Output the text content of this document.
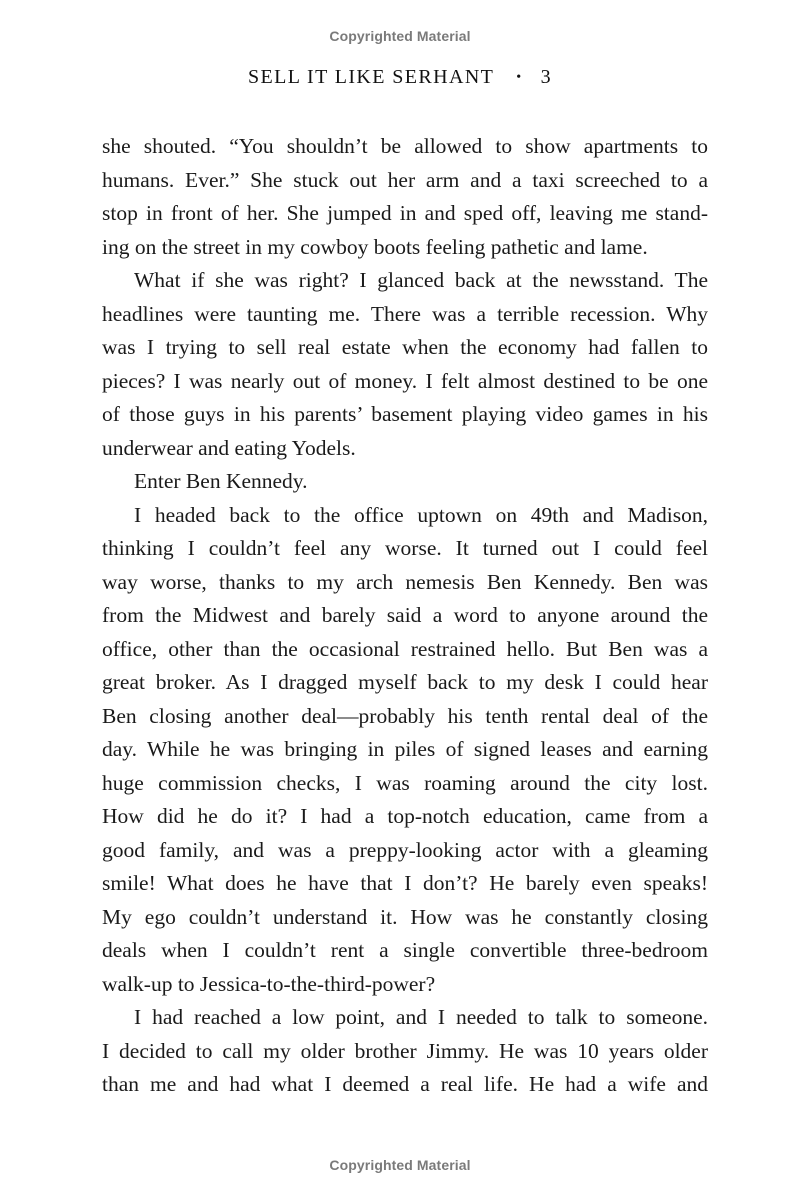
Copyrighted Material
SELL IT LIKE SERHANT • 3
she shouted. “You shouldn’t be allowed to show apartments to
humans. Ever.” She stuck out her arm and a taxi screeched to a
stop in front of her. She jumped in and sped off, leaving me stand-
ing on the street in my cowboy boots feeling pathetic and lame.
What if she was right? I glanced back at the newsstand. The
headlines were taunting me. There was a terrible recession. Why
was I trying to sell real estate when the economy had fallen to
pieces? I was nearly out of money. I felt almost destined to be one
of those guys in his parents’ basement playing video games in his
underwear and eating Yodels.
Enter Ben Kennedy.
I headed back to the office uptown on 49th and Madison,
thinking I couldn’t feel any worse. It turned out I could feel
way worse, thanks to my arch nemesis Ben Kennedy. Ben was
from the Midwest and barely said a word to anyone around the
office, other than the occasional restrained hello. But Ben was a
great broker. As I dragged myself back to my desk I could hear
Ben closing another deal—probably his tenth rental deal of the
day. While he was bringing in piles of signed leases and earning
huge commission checks, I was roaming around the city lost.
How did he do it? I had a top-notch education, came from a
good family, and was a preppy-looking actor with a gleaming
smile! What does he have that I don’t? He barely even speaks!
My ego couldn’t understand it. How was he constantly closing
deals when I couldn’t rent a single convertible three-bedroom
walk-up to Jessica-to-the-third-power?
I had reached a low point, and I needed to talk to someone.
I decided to call my older brother Jimmy. He was 10 years older
than me and had what I deemed a real life. He had a wife and
Copyrighted Material
